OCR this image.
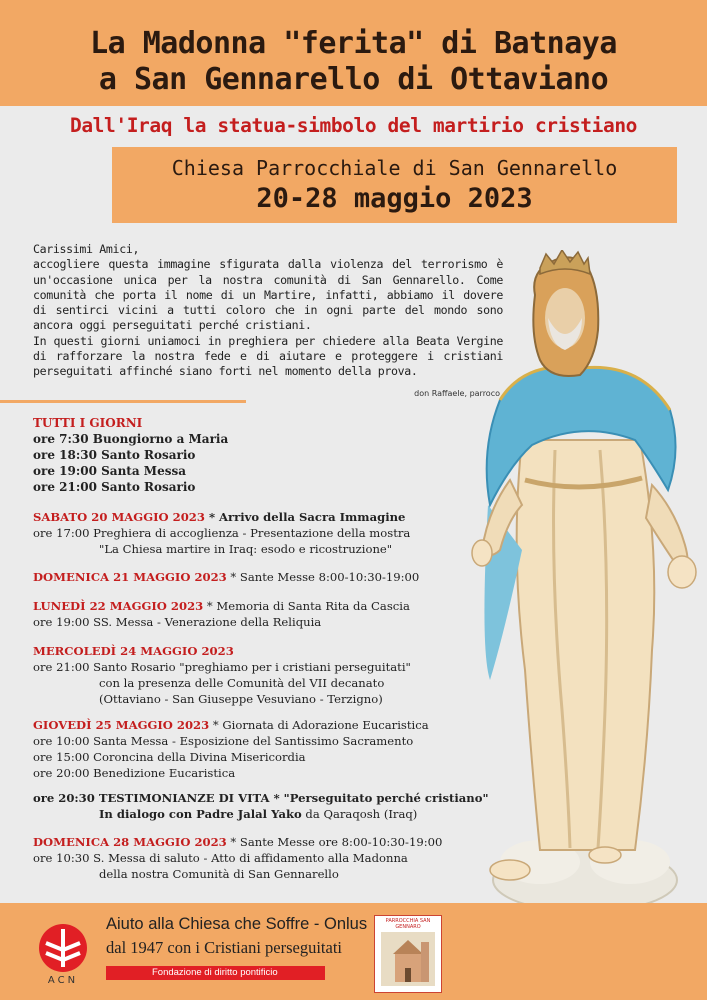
La Madonna "ferita" di Batnaya
a San Gennarello di Ottaviano
Dall'Iraq la statua-simbolo del martirio cristiano
Chiesa Parrocchiale di San Gennarello
20-28 maggio 2023

Carissimi Amici,

accogliere questa immagine sfigurata dalla violenza del terrorismo è un'occasione unica per la nostra comunità di San Gennarello. Come comunità che porta il nome di un Martire, infatti, abbiamo il dovere di sentirci vicini a tutti coloro che in ogni parte del mondo sono ancora oggi perseguitati perché cristiani.

In questi giorni uniamoci in preghiera per chiedere alla Beata Vergine di rafforzare la nostra fede e di aiutare e proteggere i cristiani perseguitati affinché siano forti nel momento della prova.

don Raffaele, parroco
TUTTI I GIORNI
ore 7:30 Buongiorno a Maria
ore 18:30 Santo Rosario
ore 19:00 Santa Messa
ore 21:00 Santo Rosario
SABATO 20 MAGGIO 2023 * Arrivo della Sacra Immagine
ore 17:00 Preghiera di accoglienza - Presentazione della mostra
"La Chiesa martire in Iraq: esodo e ricostruzione"
DOMENICA 21 MAGGIO 2023 * Sante Messe 8:00-10:30-19:00
LUNEDÌ 22 MAGGIO 2023 * Memoria di Santa Rita da Cascia
ore 19:00 SS. Messa - Venerazione della Reliquia
MERCOLEDÌ 24 MAGGIO 2023
ore 21:00 Santo Rosario "preghiamo per i cristiani perseguitati"
con la presenza delle Comunità del VII decanato
(Ottaviano - San Giuseppe Vesuviano - Terzigno)
GIOVEDÌ 25 MAGGIO 2023 * Giornata di Adorazione Eucaristica
ore 10:00 Santa Messa - Esposizione del Santissimo Sacramento
ore 15:00 Coroncina della Divina Misericordia
ore 20:00 Benedizione Eucaristica
ore 20:30 TESTIMONIANZE DI VITA * "Perseguitato perché cristiano"
In dialogo con Padre Jalal Yako da Qaraqosh (Iraq)
DOMENICA 28 MAGGIO 2023 * Sante Messe ore 8:00-10:30-19:00
ore 10:30 S. Messa di saluto - Atto di affidamento alla Madonna
della nostra Comunità di San Gennarello
ACN
Aiuto alla Chiesa che Soffre - Onlus
dal 1947 con i Cristiani perseguitati
Fondazione di diritto pontificio
PARROCCHIA SAN GENNARO
